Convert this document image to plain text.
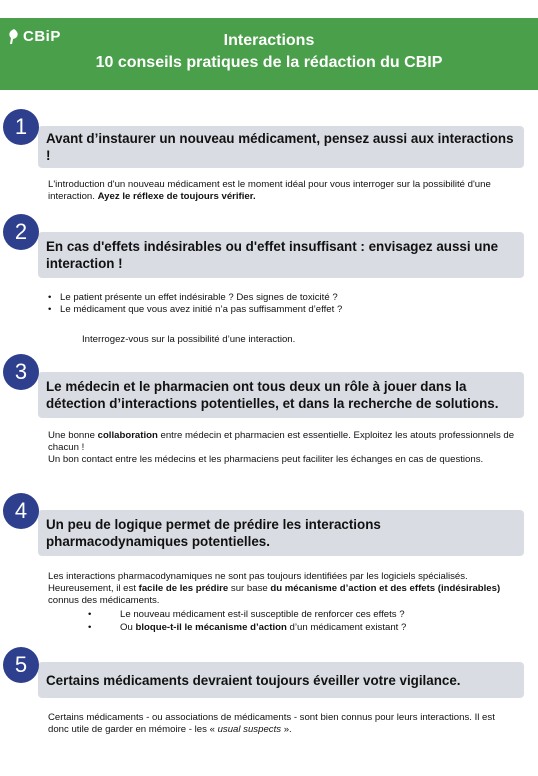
CBiP	Interactions
10 conseils pratiques de la rédaction du CBIP
1	Avant d’instaurer un nouveau médicament, pensez aussi aux interactions !
L'introduction d'un nouveau médicament est le moment idéal pour vous interroger sur la possibilité d'une interaction. Ayez le réflexe de toujours vérifier.
2
En cas d'effets indésirables ou d'effet insuffisant : envisagez aussi une interaction !
• Le patient présente un effet indésirable ? Des signes de toxicité ?
• Le médicament que vous avez initié n’a pas suffisamment d’effet ?
Interrogez-vous sur la possibilité d’une interaction.
3
Le médecin et le pharmacien ont tous deux un rôle à jouer dans la détection d’interactions potentielles, et dans la recherche de solutions.
Une bonne collaboration entre médecin et pharmacien est essentielle. Exploitez les atouts professionnels de chacun !
Un bon contact entre les médecins et les pharmaciens peut faciliter les échanges en cas de questions.
4
Un peu de logique permet de prédire les interactions pharmacodynamiques potentielles.
Les interactions pharmacodynamiques ne sont pas toujours identifiées par les logiciels spécialisés. Heureusement, il est facile de les prédire sur base du mécanisme d’action et des effets (indésirables) connus des médicaments.
•	Le nouveau médicament est-il susceptible de renforcer ces effets ?
•	Ou bloque-t-il le mécanisme d’action d’un médicament existant ?
5
Certains médicaments devraient toujours éveiller votre vigilance.
Certains médicaments - ou associations de médicaments - sont bien connus pour leurs interactions. Il est donc utile de garder en mémoire - les « usual suspects ».
